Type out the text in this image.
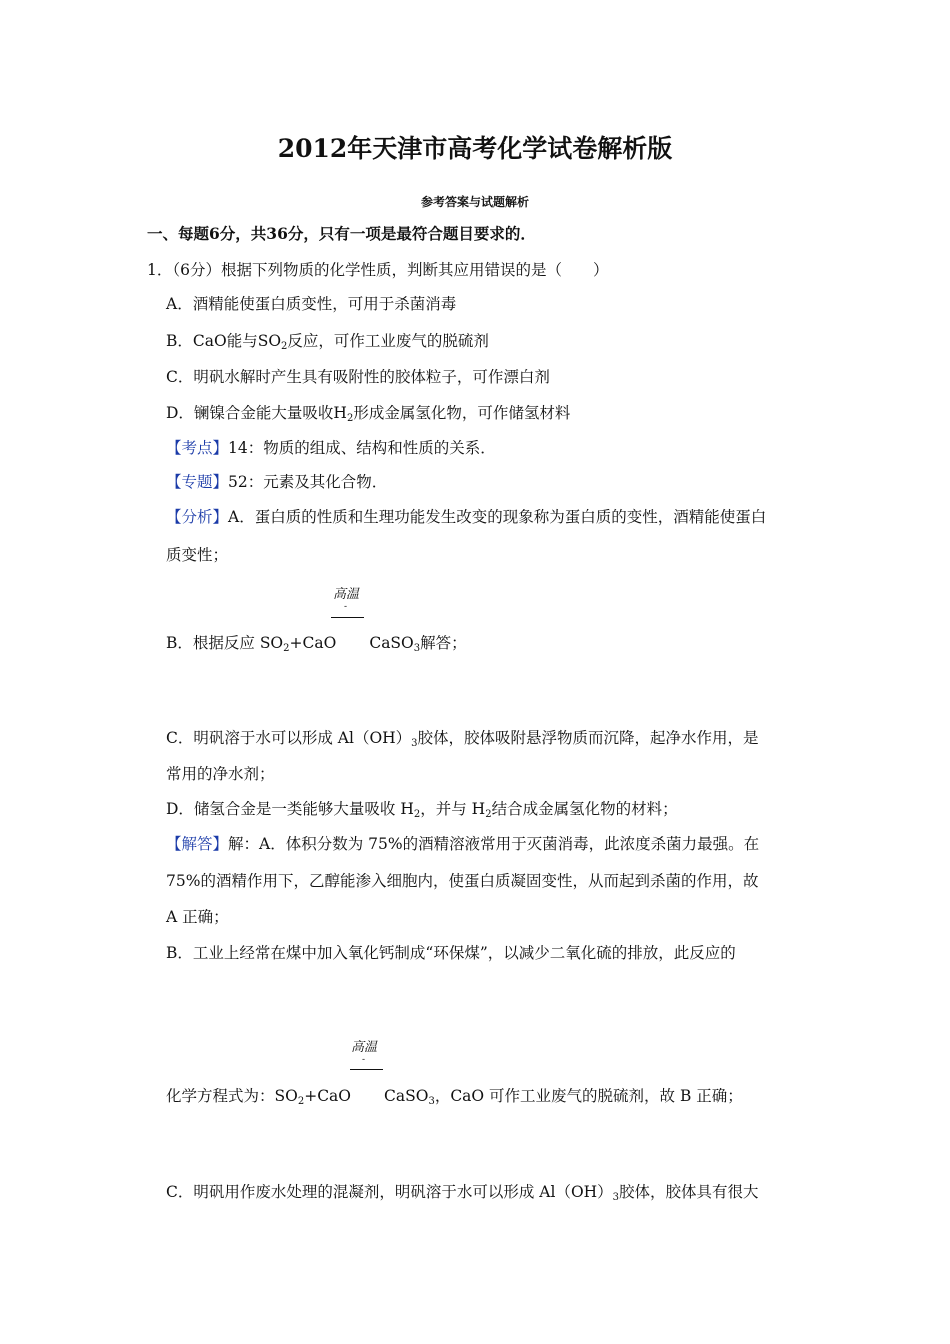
2012年天津市高考化学试卷解析版
参考答案与试题解析
一、每题6分，共36分，只有一项是最符合题目要求的．
1．（6分）根据下列物质的化学性质，判断其应用错误的是（　　）
A．酒精能使蛋白质变性，可用于杀菌消毒
B．CaO能与$SO_2$反应，可作工业废气的脱硫剂
C．明矾水解时产生具有吸附性的胶体粒子，可作漂白剂
D．镧镍合金能大量吸收$H_2$形成金属氢化物，可作储氢材料
【考点】14：物质的组成、结构和性质的关系．
【专题】52：元素及其化合物．
【分析】A．蛋白质的性质和生理功能发生改变的现象称为蛋白质的变性，酒精能使蛋白
质变性；
高温
-
B．根据反应 $SO_2+CaO$ CaSO$_3$解答；
C．明矾溶于水可以形成 $Al(OH)_3$胶体，胶体吸附悬浮物质而沉降，起净水作用，是
常用的净水剂；
D．储氢合金是一类能够大量吸收 $H_2$，并与 $H_2$结合成金属氢化物的材料；
【解答】解：A．体积分数为 75%的酒精溶液常用于灭菌消毒，此浓度杀菌力最强。在
75%的酒精作用下，乙醇能渗入细胞内，使蛋白质凝固变性，从而起到杀菌的作用，故
A 正确；
B．工业上经常在煤中加入氧化钙制成“环保煤”，以减少二氧化硫的排放，此反应的
高温
-
化学方程式为：$SO_2+CaO$ CaSO$_3$，CaO 可作工业废气的脱硫剂，故 B 正确；
C．明矾用作废水处理的混凝剂，明矾溶于水可以形成 $Al(OH)_3$胶体，胶体具有很大
